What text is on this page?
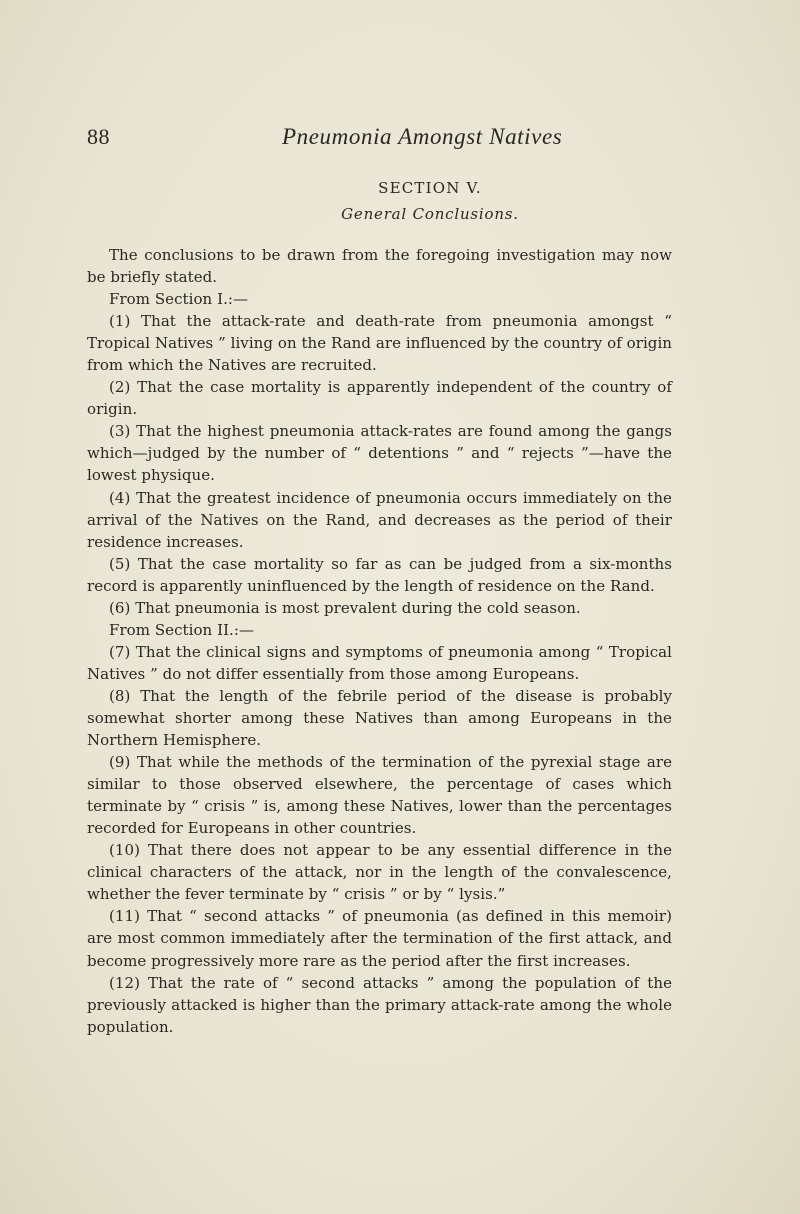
88	Pneumonia Amongst Natives
SECTION V.
General Conclusions.

The conclusions to be drawn from the foregoing investigation may now be briefly stated.

From Section I.:—

(1) That the attack-rate and death-rate from pneumonia amongst “ Tropical Natives ” living on the Rand are influenced by the country of origin from which the Natives are recruited.

(2) That the case mortality is apparently independent of the country of origin.

(3) That the highest pneumonia attack-rates are found among the gangs which—judged by the number of “ detentions ” and “ rejects ”—have the lowest physique.

(4) That the greatest incidence of pneumonia occurs immediately on the arrival of the Natives on the Rand, and decreases as the period of their residence increases.

(5) That the case mortality so far as can be judged from a six-months record is apparently uninfluenced by the length of residence on the Rand.

(6) That pneumonia is most prevalent during the cold season.

From Section II.:—

(7) That the clinical signs and symptoms of pneumonia among “ Tropical Natives ” do not differ essentially from those among Europeans.

(8) That the length of the febrile period of the disease is probably somewhat shorter among these Natives than among Europeans in the Northern Hemisphere.

(9) That while the methods of the termination of the pyrexial stage are similar to those observed elsewhere, the percentage of cases which terminate by “ crisis ” is, among these Natives, lower than the percentages recorded for Europeans in other countries.

(10) That there does not appear to be any essential difference in the clinical characters of the attack, nor in the length of the convalescence, whether the fever terminate by “ crisis ” or by “ lysis.”

(11) That “ second attacks ” of pneumonia (as defined in this memoir) are most common immediately after the termination of the first attack, and become progressively more rare as the period after the first increases.

(12) That the rate of “ second attacks ” among the population of the previously attacked is higher than the primary attack-rate among the whole population.
